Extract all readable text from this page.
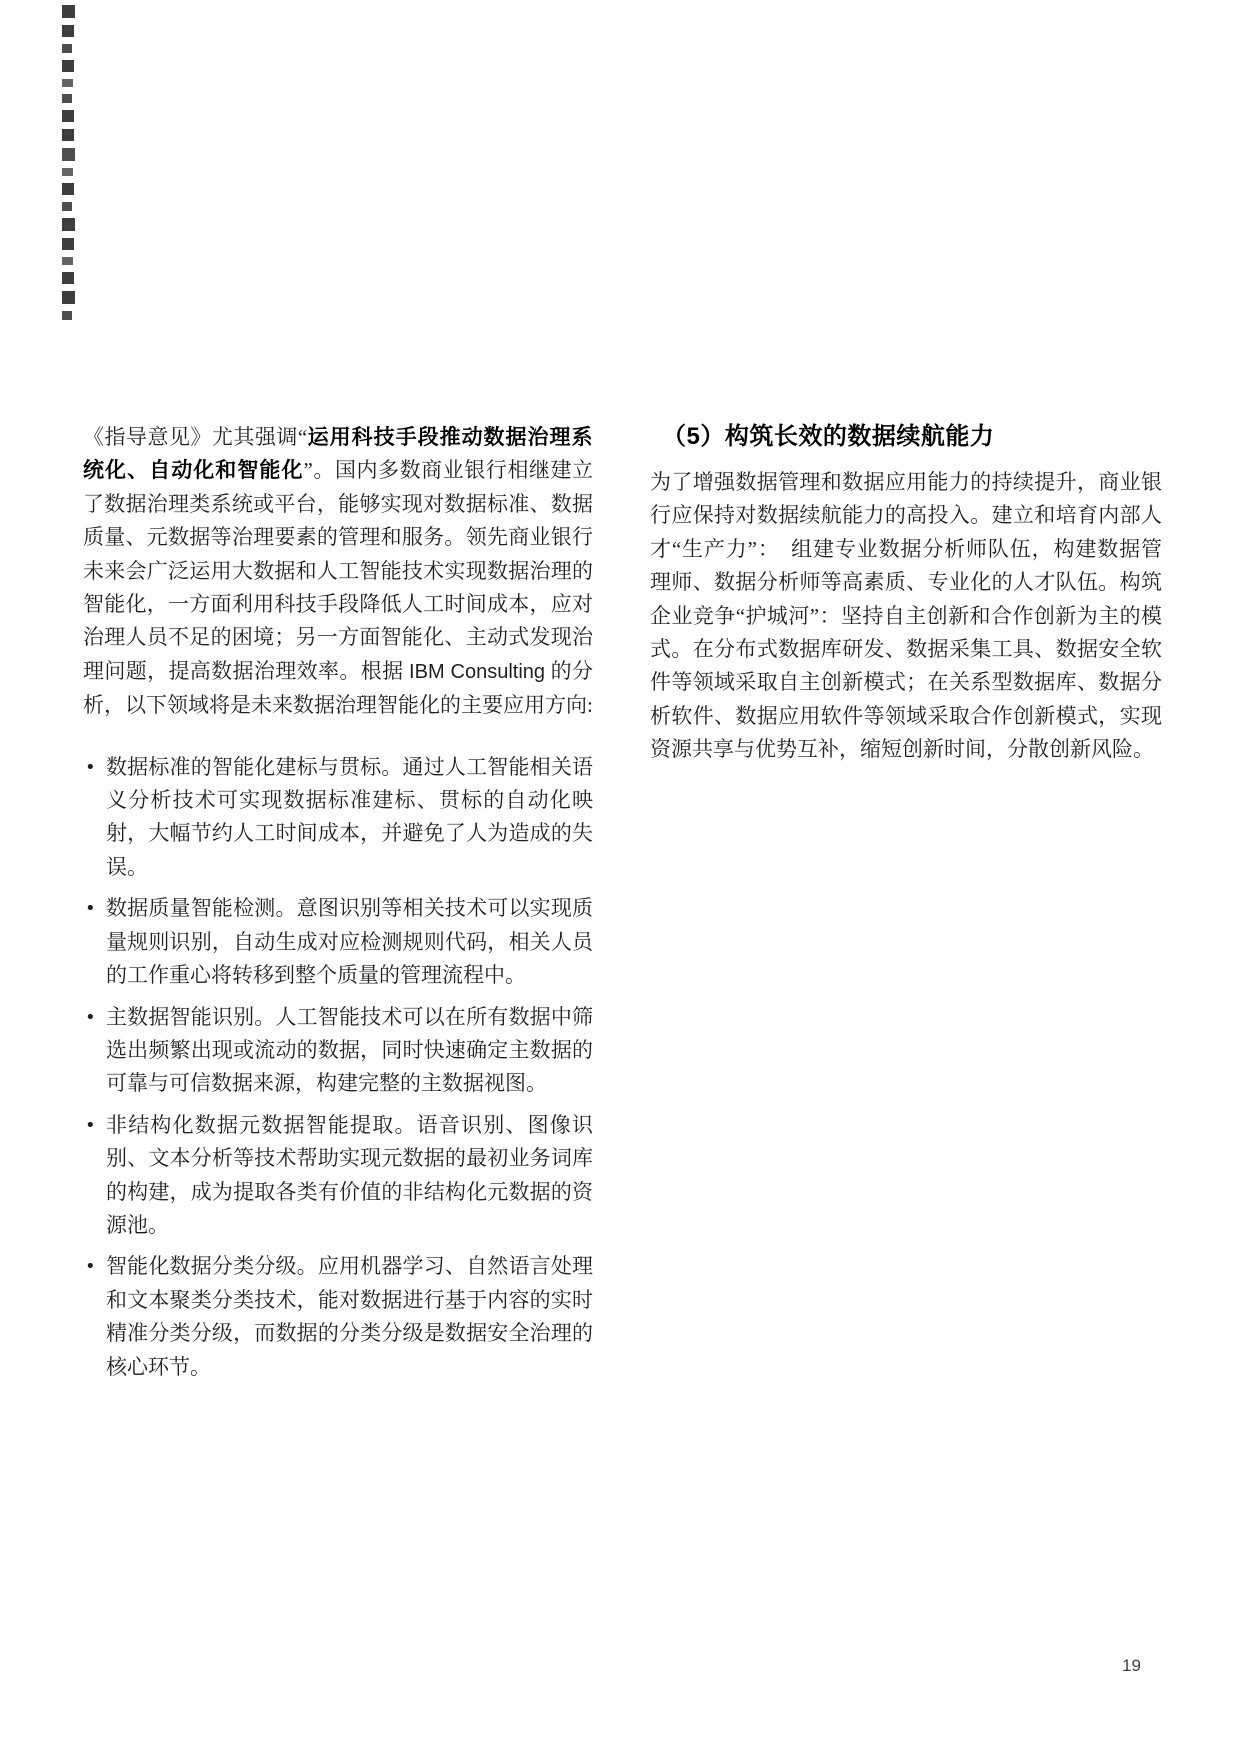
《指导意见》尤其强调“运用科技手段推动数据治理系统化、自动化和智能化”。国内多数商业银行相继建立了数据治理类系统或平台，能够实现对数据标准、数据质量、元数据等治理要素的管理和服务。领先商业银行未来会广泛运用大数据和人工智能技术实现数据治理的智能化，一方面利用科技手段降低人工时间成本，应对治理人员不足的困境；另一方面智能化、主动式发现治理问题，提高数据治理效率。根据 IBM Consulting 的分析，以下领域将是未来数据治理智能化的主要应用方向:

• 数据标准的智能化建标与贯标。通过人工智能相关语义分析技术可实现数据标准建标、贯标的自动化映射，大幅节约人工时间成本，并避免了人为造成的失误。
• 数据质量智能检测。意图识别等相关技术可以实现质量规则识别，自动生成对应检测规则代码，相关人员的工作重心将转移到整个质量的管理流程中。
• 主数据智能识别。人工智能技术可以在所有数据中筛选出频繁出现或流动的数据，同时快速确定主数据的可靠与可信数据来源，构建完整的主数据视图。
• 非结构化数据元数据智能提取。语音识别、图像识别、文本分析等技术帮助实现元数据的最初业务词库的构建，成为提取各类有价值的非结构化元数据的资源池。
• 智能化数据分类分级。应用机器学习、自然语言处理和文本聚类分类技术，能对数据进行基于内容的实时精准分类分级，而数据的分类分级是数据安全治理的核心环节。
（5）构筑长效的数据续航能力

为了增强数据管理和数据应用能力的持续提升，商业银行应保持对数据续航能力的高投入。建立和培育内部人才“生产力”：　组建专业数据分析师队伍，构建数据管理师、数据分析师等高素质、专业化的人才队伍。构筑企业竞争“护城河”：坚持自主创新和合作创新为主的模式。在分布式数据库研发、数据采集工具、数据安全软件等领域采取自主创新模式；在关系型数据库、数据分析软件、数据应用软件等领域采取合作创新模式，实现资源共享与优势互补，缩短创新时间，分散创新风险。

19
